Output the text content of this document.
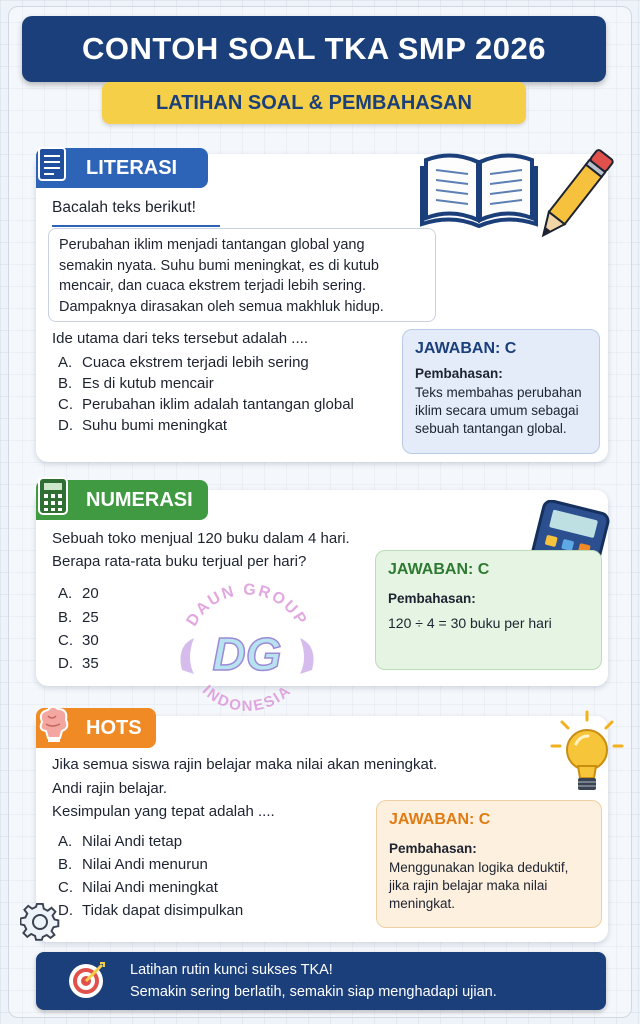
CONTOH SOAL TKA SMP 2026
LATIHAN SOAL & PEMBAHASAN
LITERASI
Bacalah teks berikut!
Perubahan iklim menjadi tantangan global yang
semakin nyata. Suhu bumi meningkat, es di kutub
mencair, dan cuaca ekstrem terjadi lebih sering.
Dampaknya dirasakan oleh semua makhluk hidup.
Ide utama dari teks tersebut adalah ....
A. Cuaca ekstrem terjadi lebih sering
B. Es di kutub mencair
C. Perubahan iklim adalah tantangan global
D. Suhu bumi meningkat
JAWABAN: C
Pembahasan:
Teks membahas perubahan
iklim secara umum sebagai
sebuah tantangan global.
NUMERASI
Sebuah toko menjual 120 buku dalam 4 hari.
Berapa rata-rata buku terjual per hari?
A. 20
B. 25
C. 30
D. 35
JAWABAN: C
Pembahasan:
120 ÷ 4 = 30 buku per hari
DAUN GROUP
DG
INDONESIA
HOTS
Jika semua siswa rajin belajar maka nilai akan meningkat.
Andi rajin belajar.
Kesimpulan yang tepat adalah ....
A. Nilai Andi tetap
B. Nilai Andi menurun
C. Nilai Andi meningkat
D. Tidak dapat disimpulkan
JAWABAN: C
Pembahasan:
Menggunakan logika deduktif,
jika rajin belajar maka nilai
meningkat.
Latihan rutin kunci sukses TKA!
Semakin sering berlatih, semakin siap menghadapi ujian.
